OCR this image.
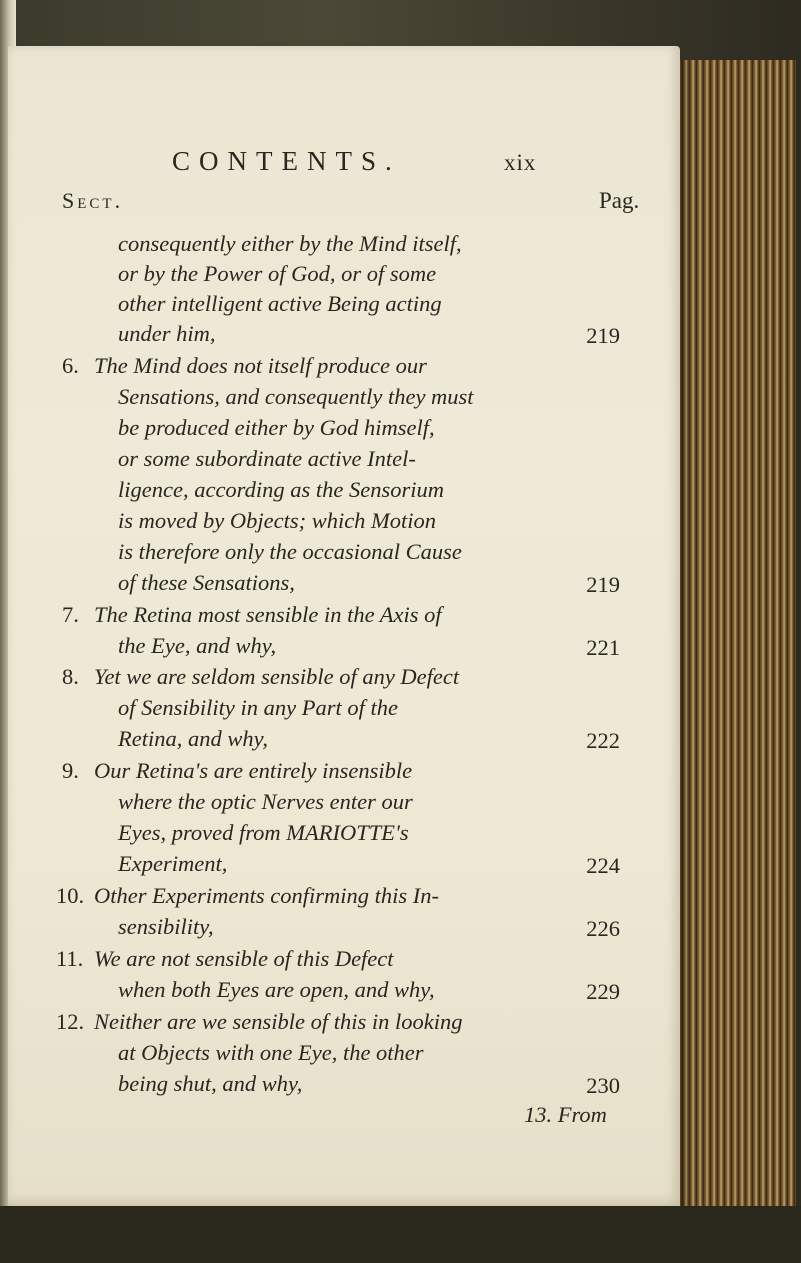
CONTENTS.	xix
Sect.	Pag.
consequently either by the Mind itself,
or by the Power of God, or of some
other intelligent active Being acting
under him,	219
6. The Mind does not itself produce our
Sensations, and consequently they must
be produced either by God himself,
or some subordinate active Intel-
ligence, according as the Sensorium
is moved by Objects; which Motion
is therefore only the occasional Cause
of these Sensations,	219
7. The Retina most sensible in the Axis of
the Eye, and why,	221
8. Yet we are seldom sensible of any Defect
of Sensibility in any Part of the
Retina, and why,	222
9. Our Retina's are entirely insensible
where the optic Nerves enter our
Eyes, proved from MARIOTTE's
Experiment,	224
10. Other Experiments confirming this In-
sensibility,	226
11. We are not sensible of this Defect
when both Eyes are open, and why,	229
12. Neither are we sensible of this in looking
at Objects with one Eye, the other
being shut, and why,	230
13. From
